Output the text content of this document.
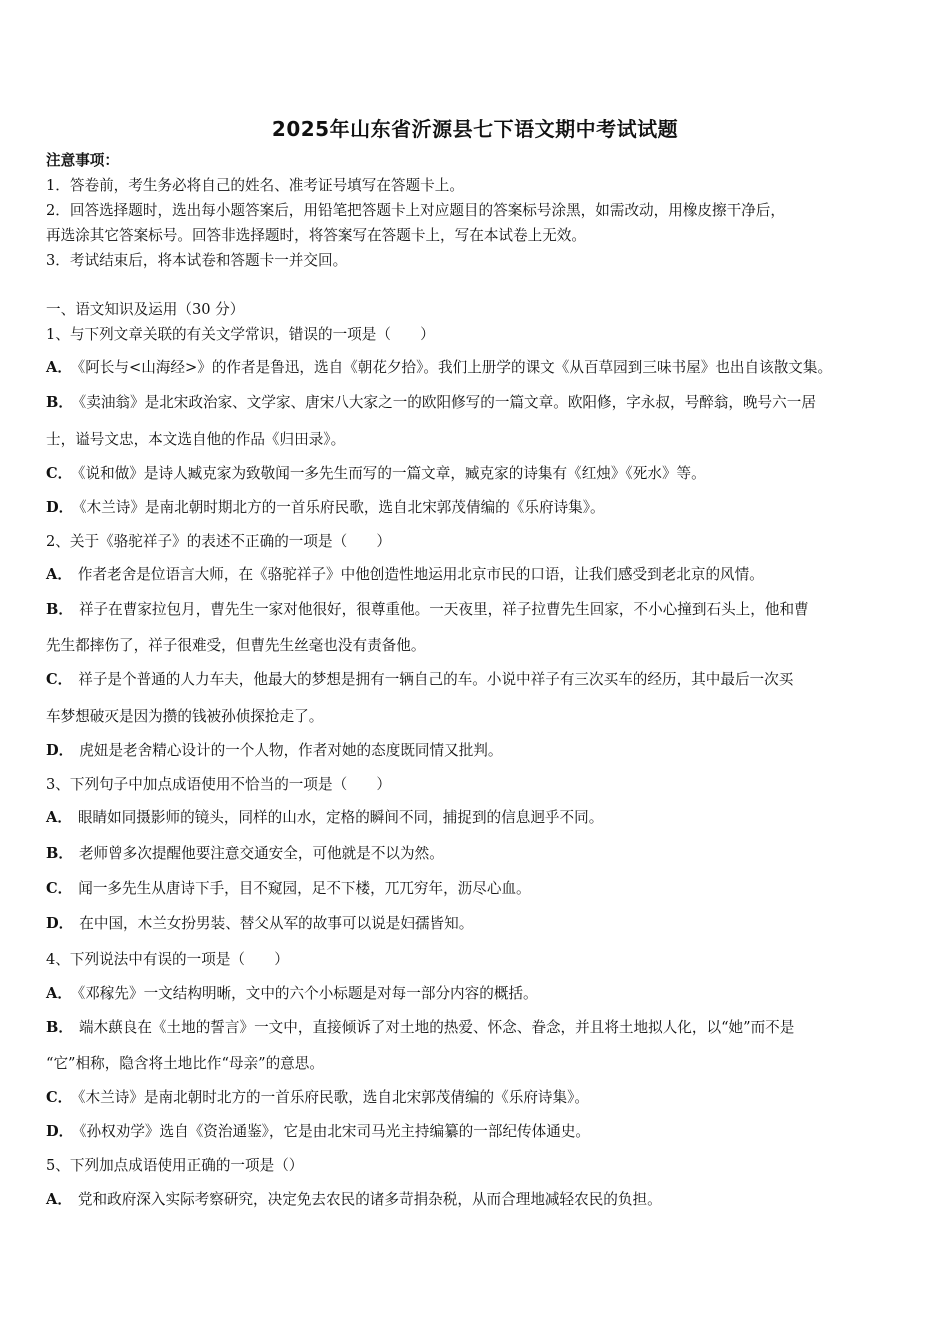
2025年山东省沂源县七下语文期中考试试题
注意事项：
1．答卷前，考生务必将自己的姓名、准考证号填写在答题卡上。
2．回答选择题时，选出每小题答案后，用铅笔把答题卡上对应题目的答案标号涂黑，如需改动，用橡皮擦干净后，
再选涂其它答案标号。回答非选择题时，将答案写在答题卡上，写在本试卷上无效。
3．考试结束后，将本试卷和答题卡一并交回。
一、语文知识及运用（30 分）
1、与下列文章关联的有关文学常识，错误的一项是（　　）
A． 《阿长与<山海经>》的作者是鲁迅，选自《朝花夕拾》。我们上册学的课文《从百草园到三味书屋》也出自该散文集。
B． 《卖油翁》是北宋政治家、文学家、唐宋八大家之一的欧阳修写的一篇文章。欧阳修，字永叔，号醉翁，晚号六一居
士，谥号文忠，本文选自他的作品《归田录》。
C． 《说和做》是诗人臧克家为致敬闻一多先生而写的一篇文章，臧克家的诗集有《红烛》《死水》等。
D． 《木兰诗》是南北朝时期北方的一首乐府民歌，选自北宋郭茂倩编的《乐府诗集》。
2、关于《骆驼祥子》的表述不正确的一项是（　　）
A． 作者老舍是位语言大师，在《骆驼祥子》中他创造性地运用北京市民的口语，让我们感受到老北京的风情。
B． 祥子在曹家拉包月，曹先生一家对他很好，很尊重他。一天夜里，祥子拉曹先生回家，不小心撞到石头上，他和曹
先生都摔伤了，祥子很难受，但曹先生丝毫也没有责备他。
C． 祥子是个普通的人力车夫，他最大的梦想是拥有一辆自己的车。小说中祥子有三次买车的经历，其中最后一次买
车梦想破灭是因为攒的钱被孙侦探抢走了。
D． 虎妞是老舍精心设计的一个人物，作者对她的态度既同情又批判。
3、下列句子中加点成语使用不恰当的一项是（　　）
A． 眼睛如同摄影师的镜头，同样的山水，定格的瞬间不同，捕捉到的信息迥乎不同。
B． 老师曾多次提醒他要注意交通安全，可他就是不以为然。
C． 闻一多先生从唐诗下手，目不窥园，足不下楼，兀兀穷年，沥尽心血。
D． 在中国，木兰女扮男装、替父从军的故事可以说是妇孺皆知。
4、下列说法中有误的一项是（　　）
A． 《邓稼先》一文结构明晰，文中的六个小标题是对每一部分内容的概括。
B． 端木蕻良在《土地的誓言》一文中，直接倾诉了对土地的热爱、怀念、眷念，并且将土地拟人化，以“她”而不是
“它”相称，隐含将土地比作“母亲”的意思。
C． 《木兰诗》是南北朝时北方的一首乐府民歌，选自北宋郭茂倩编的《乐府诗集》。
D． 《孙权劝学》选自《资治通鉴》，它是由北宋司马光主持编纂的一部纪传体通史。
5、下列加点成语使用正确的一项是（）
A． 党和政府深入实际考察研究，决定免去农民的诸多苛捐杂税，从而合理地减轻农民的负担。
